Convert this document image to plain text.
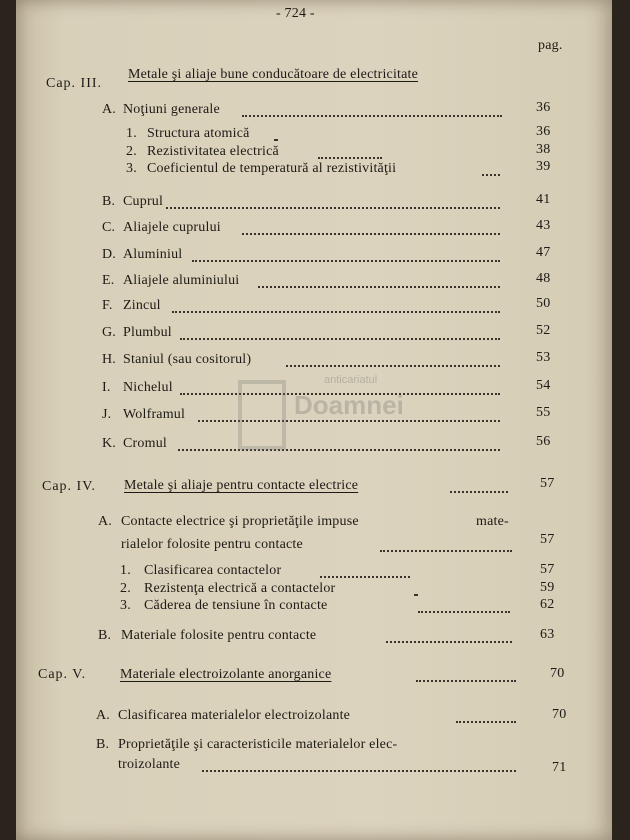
- 724 -
pag.
Cap. III.
Metale şi aliaje bune conducătoare de electricitate
A. Noţiuni generale	36
1. Structura atomică	36
2. Rezistivitatea electrică	38
3. Coeficientul de temperatură al rezistivităţii	39
B. Cuprul	41
C. Aliajele cuprului	43
D. Aluminiul	47
E. Aliajele aluminiului	48
F. Zincul	50
G. Plumbul	52
H. Staniul (sau cositorul)	53
I. Nichelul	54
J. Wolframul	55
K. Cromul	56
anticariatul
Doamnei
Cap. IV. Metale şi aliaje pentru contacte electrice	57
A. Contacte electrice şi proprietăţile impuse	mate-
rialelor folosite pentru contacte	57
1. Clasificarea contactelor	57
2. Rezistenţa electrică a contactelor	59
3. Căderea de tensiune în contacte	62
B. Materiale folosite pentru contacte	63
Cap. V. Materiale electroizolante anorganice	70
A. Clasificarea materialelor electroizolante	70
B. Proprietăţile şi caracteristicile materialelor elec-
troizolante	71
